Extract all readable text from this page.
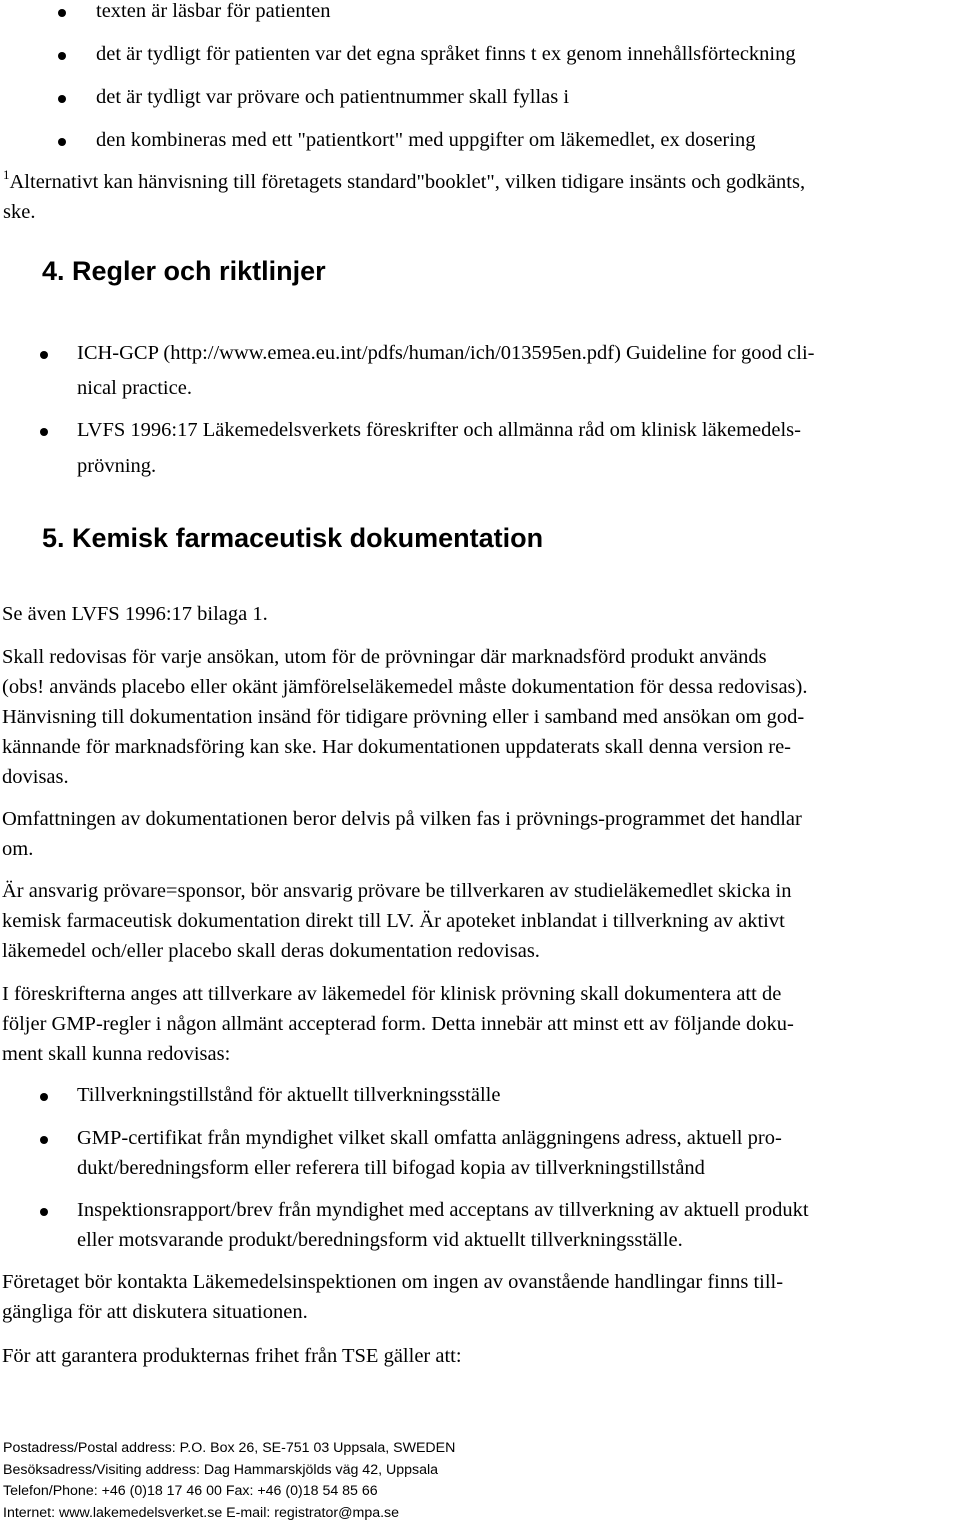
texten är läsbar för patienten
det är tydligt för patienten var det egna språket finns t ex genom innehållsförteckning
det är tydligt var prövare och patientnummer skall fyllas i
den kombineras med ett "patientkort" med uppgifter om läkemedlet, ex dosering
$^1$Alternativt kan hänvisning till företagets standard"booklet", vilken tidigare insänts och godkänts,
ske.
4. Regler och riktlinjer
ICH-GCP (http://www.emea.eu.int/pdfs/human/ich/013595en.pdf) Guideline for good cli-
nical practice.
LVFS 1996:17 Läkemedelsverkets föreskrifter och allmänna råd om klinisk läkemedels-
prövning.
5. Kemisk farmaceutisk dokumentation
Se även LVFS 1996:17 bilaga 1.
Skall redovisas för varje ansökan, utom för de prövningar där marknadsförd produkt används
(obs! används placebo eller okänt jämförelseläkemedel måste dokumentation för dessa redovisas).
Hänvisning till dokumentation insänd för tidigare prövning eller i samband med ansökan om god-
kännande för marknadsföring kan ske. Har dokumentationen uppdaterats skall denna version re-
dovisas.
Omfattningen av dokumentationen beror delvis på vilken fas i prövnings-programmet det handlar
om.
Är ansvarig prövare=sponsor, bör ansvarig prövare be tillverkaren av studieläkemedlet skicka in
kemisk farmaceutisk dokumentation direkt till LV. Är apoteket inblandat i tillverkning av aktivt
läkemedel och/eller placebo skall deras dokumentation redovisas.
I föreskrifterna anges att tillverkare av läkemedel för klinisk prövning skall dokumentera att de
följer GMP-regler i någon allmänt accepterad form. Detta innebär att minst ett av följande doku-
ment skall kunna redovisas:
Tillverkningstillstånd för aktuellt tillverkningsställe
GMP-certifikat från myndighet vilket skall omfatta anläggningens adress, aktuell pro-
dukt/beredningsform eller referera till bifogad kopia av tillverkningstillstånd
Inspektionsrapport/brev från myndighet med acceptans av tillverkning av aktuell produkt
eller motsvarande produkt/beredningsform vid aktuellt tillverkningsställe.
Företaget bör kontakta Läkemedelsinspektionen om ingen av ovanstående handlingar finns till-
gängliga för att diskutera situationen.
För att garantera produkternas frihet från TSE gäller att:
Postadress/Postal address: P.O. Box 26, SE-751 03 Uppsala, SWEDEN
Besöksadress/Visiting address: Dag Hammarskjölds väg 42, Uppsala
Telefon/Phone: +46 (0)18 17 46 00 Fax: +46 (0)18 54 85 66
Internet: www.lakemedelsverket.se E-mail: registrator@mpa.se
